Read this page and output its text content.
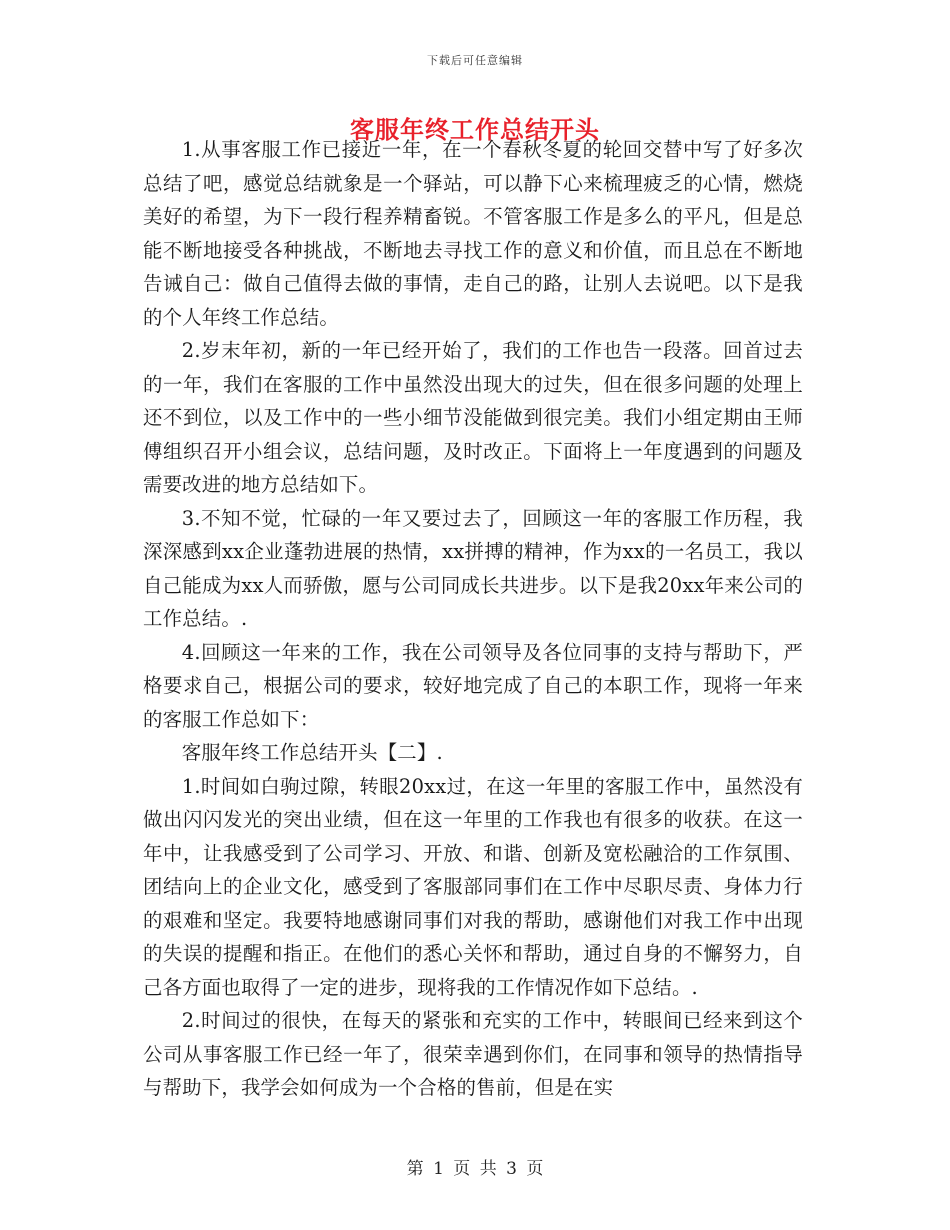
下载后可任意编辑
客服年终工作总结开头

1.从事客服工作已接近一年，在一个春秋冬夏的轮回交替中写了好多次总结了吧，感觉总结就象是一个驿站，可以静下心来梳理疲乏的心情，燃烧美好的希望，为下一段行程养精畜锐。不管客服工作是多么的平凡，但是总能不断地接受各种挑战，不断地去寻找工作的意义和价值，而且总在不断地告诫自己：做自己值得去做的事情，走自己的路，让别人去说吧。以下是我的个人年终工作总结。

2.岁末年初，新的一年已经开始了，我们的工作也告一段落。回首过去的一年，我们在客服的工作中虽然没出现大的过失，但在很多问题的处理上还不到位，以及工作中的一些小细节没能做到很完美。我们小组定期由王师傅组织召开小组会议，总结问题，及时改正。下面将上一年度遇到的问题及需要改进的地方总结如下。

3.不知不觉，忙碌的一年又要过去了，回顾这一年的客服工作历程，我深深感到xx企业蓬勃进展的热情，xx拼搏的精神，作为xx的一名员工，我以自己能成为xx人而骄傲，愿与公司同成长共进步。以下是我20xx年来公司的工作总结。.

4.回顾这一年来的工作，我在公司领导及各位同事的支持与帮助下，严格要求自己，根据公司的要求，较好地完成了自己的本职工作，现将一年来的客服工作总如下：

客服年终工作总结开头【二】.

1.时间如白驹过隙，转眼20xx过，在这一年里的客服工作中，虽然没有做出闪闪发光的突出业绩，但在这一年里的工作我也有很多的收获。在这一年中，让我感受到了公司学习、开放、和谐、创新及宽松融洽的工作氛围、团结向上的企业文化，感受到了客服部同事们在工作中尽职尽责、身体力行的艰难和坚定。我要特地感谢同事们对我的帮助，感谢他们对我工作中出现的失误的提醒和指正。在他们的悉心关怀和帮助，通过自身的不懈努力，自己各方面也取得了一定的进步，现将我的工作情况作如下总结。.

2.时间过的很快，在每天的紧张和充实的工作中，转眼间已经来到这个公司从事客服工作已经一年了，很荣幸遇到你们，在同事和领导的热情指导与帮助下，我学会如何成为一个合格的售前，但是在实

第 1 页 共 3 页
